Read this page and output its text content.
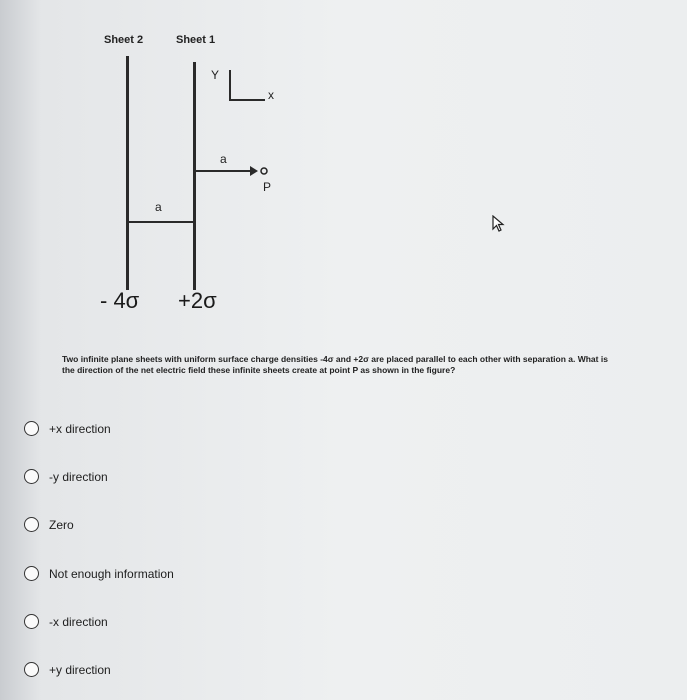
Sheet 2	Sheet 1
Y
x
a
P
a
- 4σ +2σ

Two infinite plane sheets with uniform surface charge densities -4σ and +2σ are placed parallel to each other with separation a. What is the direction of the net electric field these infinite sheets create at point P as shown in the figure?

+x direction
-y direction
Zero
Not enough information
-x direction
+y direction
